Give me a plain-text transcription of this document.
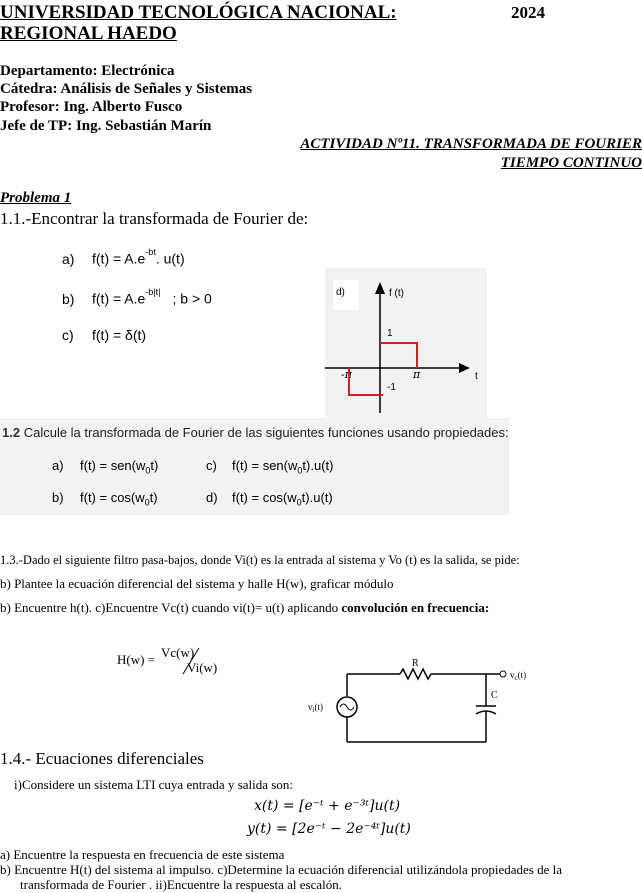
UNIVERSIDAD TECNOLÓGICA NACIONAL:	2024
REGIONAL HAEDO
Departamento: Electrónica
Cátedra: Análisis de Señales y Sistemas
Profesor: Ing. Alberto Fusco
Jefe de TP: Ing. Sebastián Marín
ACTIVIDAD Nº11. TRANSFORMADA DE FOURIER
TIEMPO CONTINUO
Problema 1
1.1.-Encontrar la transformada de Fourier de:
a) $f(t) = A.e^{-bt}$. u(t)
b) $f(t) = A.e^{-b|t|}$ ; b > 0
c) f(t) = δ(t)
d)	f (t)
1
-1
-π	π	t
1.2 Calcule la transformada de Fourier de las siguientes funciones usando propiedades:
a) $f(t) = sen(w_0t)$
b) $f(t) = \cos(w_0t)$
c) $f(t) = sen(w_0t).u(t)$
d) $f(t) = \cos(w_0t).u(t)$
1.3.-Dado el siguiente filtro pasa-bajos, donde Vi(t) es la entrada al sistema y Vo (t) es la salida, se pide:
b) Plantee la ecuación diferencial del sistema y halle H(w), graficar módulo
b) Encuentre h(t). c)Encuentre Vc(t) cuando vi(t)= u(t) aplicando convolución en frecuencia:
H(w) = Vc(w)
Vi(w)	R
$v_c(t)$
$v_i(t)$
C
1.4.- Ecuaciones diferenciales
i)Considere un sistema LTI cuya entrada y salida son:
x(t) = [e⁻ᵗ + e⁻³ᵗ]u(t)
y(t) = [2e⁻ᵗ − 2e⁻⁴ᵗ]u(t)
a) Encuentre la respuesta en frecuencia de este sistema
b) Encuentre H(t) del sistema al impulso. c)Determine la ecuación diferencial utilizándola propiedades de la
transformada de Fourier . ii)Encuentre la respuesta al escalón.
